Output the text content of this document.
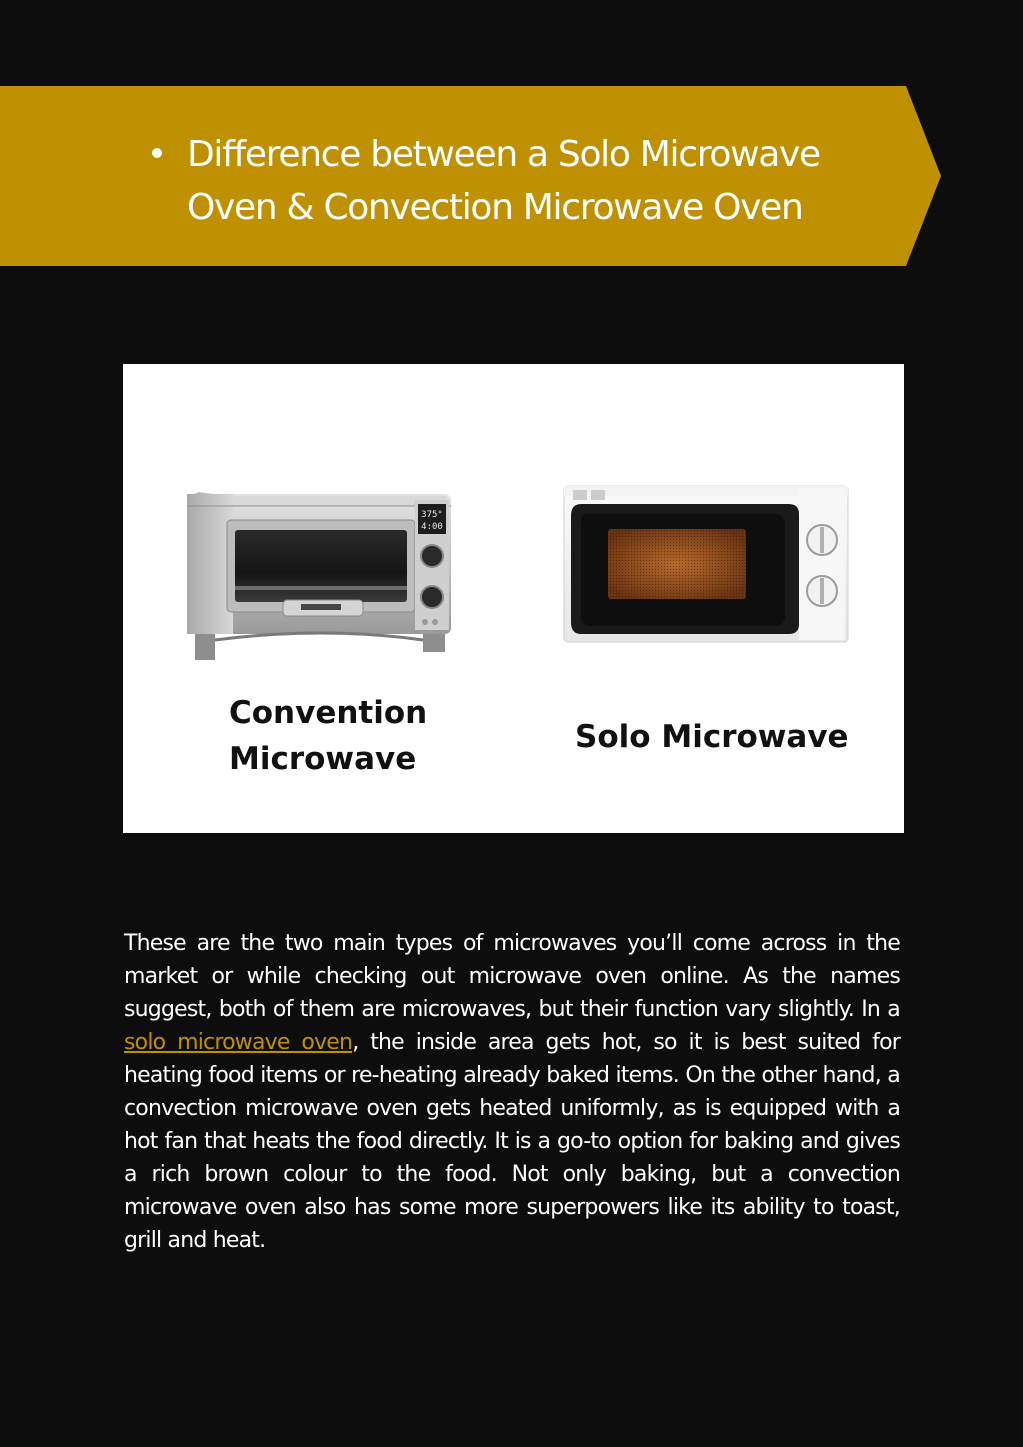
Difference between a Solo Microwave Oven & Convection Microwave Oven
375°
4:00
Convention
Microwave
Solo Microwave

These are the two main types of microwaves you’ll come across in the market or while checking out microwave oven online. As the names suggest, both of them are microwaves, but their function vary slightly. In a solo microwave oven, the inside area gets hot, so it is best suited for heating food items or re-heating already baked items. On the other hand, a convection microwave oven gets heated uniformly, as is equipped with a hot fan that heats the food directly. It is a go-to option for baking and gives a rich brown colour to the food. Not only baking, but a convection microwave oven also has some more superpowers like its ability to toast, grill and heat.
